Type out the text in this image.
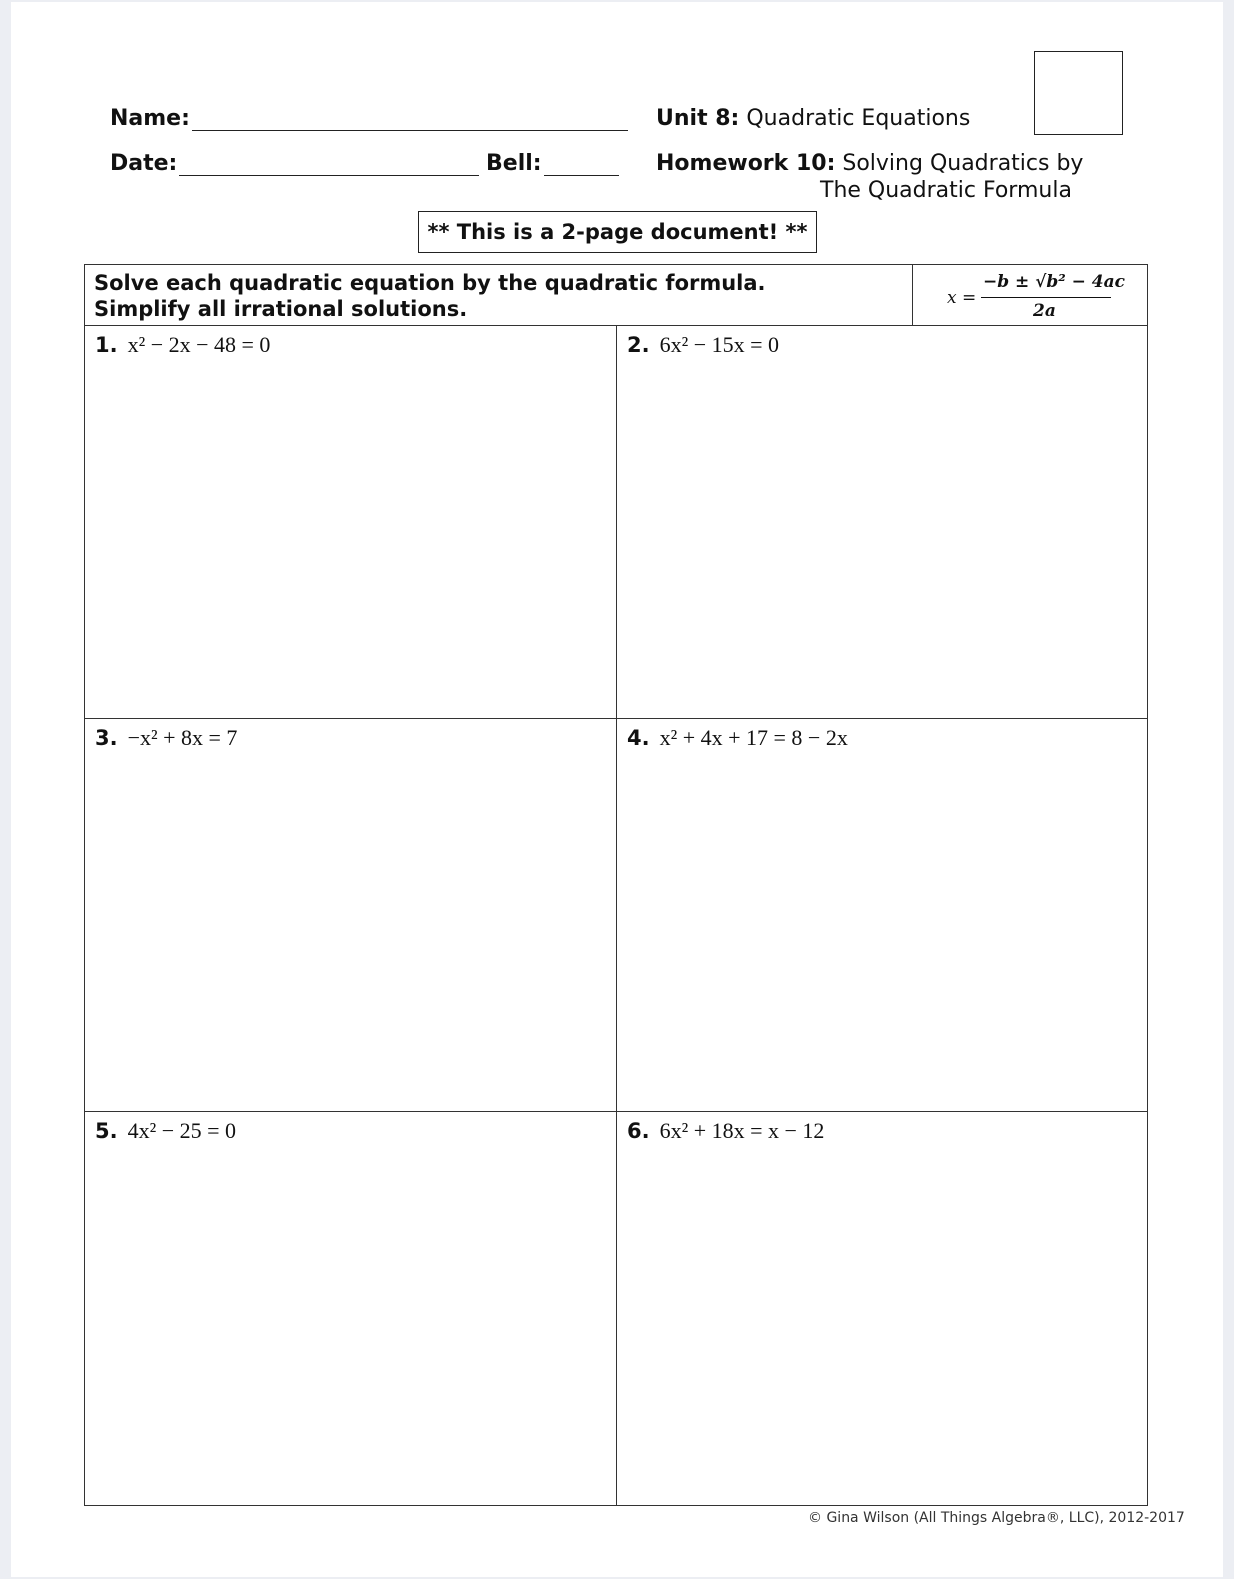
Name:
Date:	Bell:
Unit 8: Quadratic Equations
Homework 10: Solving Quadratics by
The Quadratic Formula
** This is a 2-page document! **
Solve each quadratic equation by the quadratic formula.
Simplify all irrational solutions.	x =
−b ± √b² − 4ac
2a
1. x² − 2x − 48 = 0	2. 6x² − 15x = 0
3. −x² + 8x = 7	4. x² + 4x + 17 = 8 − 2x
5. 4x² − 25 = 0	6. 6x² + 18x = x − 12
© Gina Wilson (All Things Algebra®, LLC), 2012-2017
